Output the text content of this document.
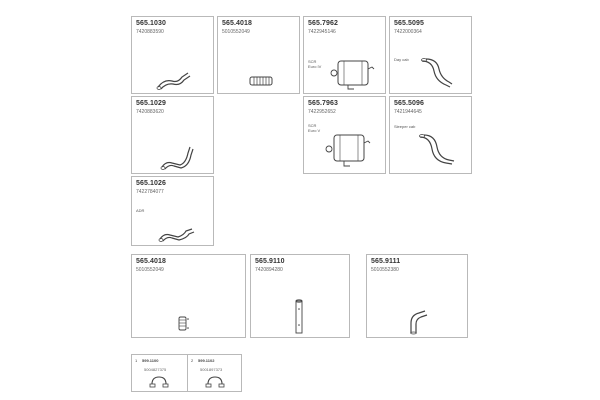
565.1030
7420883590
565.4018
5010552049
565.7962
7422945146
SCR
Euro IV
565.5095
7422000364
Day cab
565.1029
7420883620
565.7963
7422952652
SCR
Euro V
565.5096
7421944645
Sleeper cab
565.1026
7422784077
ADR
565.4018
5010552049
565.9110
7420894280
565.9111
5010552380
1 599.1100
5004827375
2 599.1102
5001897373
